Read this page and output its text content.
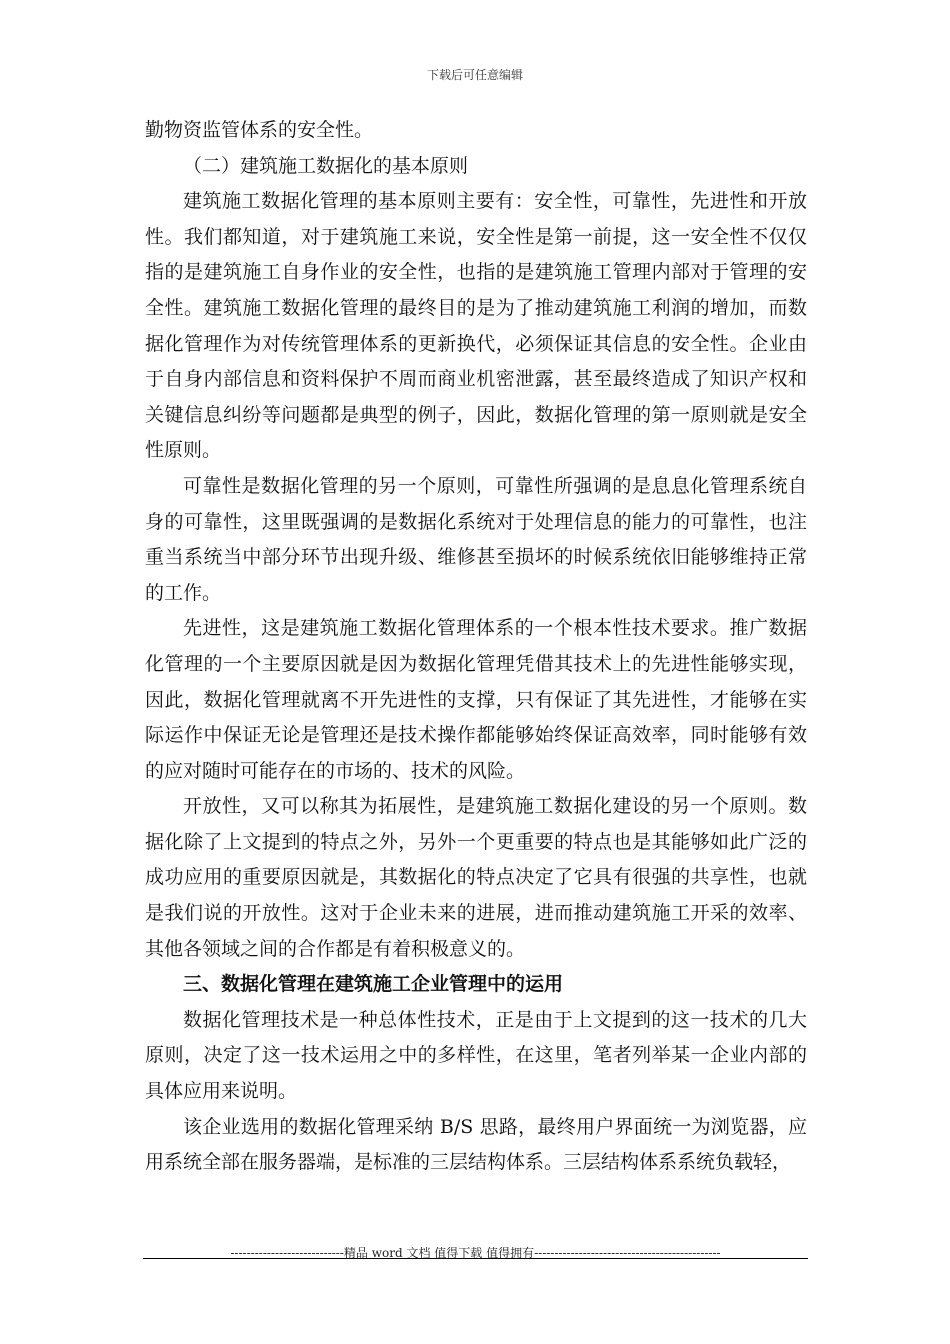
下载后可任意编辑

勤物资监管体系的安全性。

（二）建筑施工数据化的基本原则

建筑施工数据化管理的基本原则主要有：安全性，可靠性，先进性和开放性。我们都知道，对于建筑施工来说，安全性是第一前提，这一安全性不仅仅指的是建筑施工自身作业的安全性，也指的是建筑施工管理内部对于管理的安全性。建筑施工数据化管理的最终目的是为了推动建筑施工利润的增加，而数据化管理作为对传统管理体系的更新换代，必须保证其信息的安全性。企业由于自身内部信息和资料保护不周而商业机密泄露，甚至最终造成了知识产权和关键信息纠纷等问题都是典型的例子，因此，数据化管理的第一原则就是安全性原则。

可靠性是数据化管理的另一个原则，可靠性所强调的是息息化管理系统自身的可靠性，这里既强调的是数据化系统对于处理信息的能力的可靠性，也注重当系统当中部分环节出现升级、维修甚至损坏的时候系统依旧能够维持正常的工作。

先进性，这是建筑施工数据化管理体系的一个根本性技术要求。推广数据化管理的一个主要原因就是因为数据化管理凭借其技术上的先进性能够实现，因此，数据化管理就离不开先进性的支撑，只有保证了其先进性，才能够在实际运作中保证无论是管理还是技术操作都能够始终保证高效率，同时能够有效的应对随时可能存在的市场的、技术的风险。

开放性，又可以称其为拓展性，是建筑施工数据化建设的另一个原则。数据化除了上文提到的特点之外，另外一个更重要的特点也是其能够如此广泛的成功应用的重要原因就是，其数据化的特点决定了它具有很强的共享性，也就是我们说的开放性。这对于企业未来的进展，进而推动建筑施工开采的效率、其他各领域之间的合作都是有着积极意义的。

三、数据化管理在建筑施工企业管理中的运用

数据化管理技术是一种总体性技术，正是由于上文提到的这一技术的几大原则，决定了这一技术运用之中的多样性，在这里，笔者列举某一企业内部的具体应用来说明。

该企业选用的数据化管理采纳 B/S 思路，最终用户界面统一为浏览器，应用系统全部在服务器端，是标准的三层结构体系。三层结构体系系统负载轻，

----------------------------精品 word 文档 值得下载 值得拥有----------------------------------------------
